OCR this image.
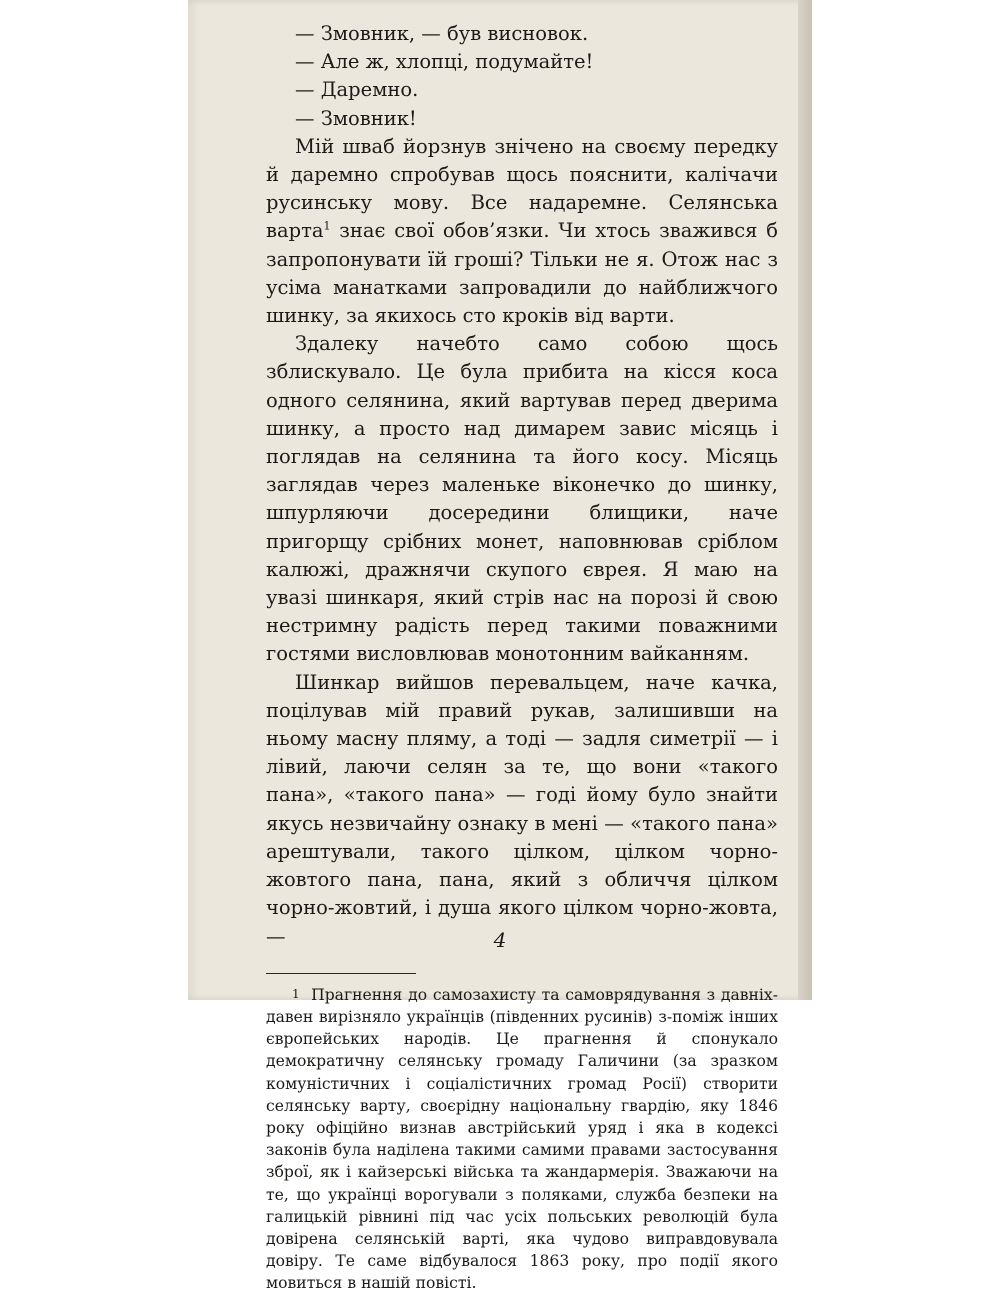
— Змовник, — був висновок.

— Але ж, хлопці, подумайте!

— Даремно.

— Змовник!

Мій шваб йорзнув знічено на своєму передку й даремно спробував щось пояснити, калічачи русинську мову. Все надаремне. Селянська варта$^1$ знає свої обов’язки. Чи хтось зважився б запропонувати їй гроші? Тільки не я. Отож нас з усіма манатками запровадили до найближчого шинку, за якихось сто кроків від варти.

Здалеку начебто само собою щось зблискувало. Це була прибита на кісся коса одного селянина, який вартував перед дверима шинку, а просто над димарем завис місяць і поглядав на селянина та його косу. Місяць заглядав через маленьке віконечко до шинку, шпурляючи досередини блищики, наче пригорщу срібних монет, наповнював сріблом калюжі, дражнячи скупого єврея. Я маю на увазі шинкаря, який стрів нас на порозі й свою нестримну радість перед такими поважними гостями висловлював монотонним вайканням.

Шинкар вийшов перевальцем, наче качка, поцілував мій правий рукав, залишивши на ньому масну пляму, а тоді — задля симетрії — і лівий, лаючи селян за те, що вони «такого пана», «такого пана» — годі йому було знайти якусь незвичайну ознаку в мені — «такого пана» арештували, такого цілком, цілком чорно-жовтого пана, пана, який з обличчя цілком чорно-жовтий, і душа якого цілком чорно-жовта, —

1 Прагнення до самозахисту та самоврядування з давніх-давен вирізняло українців (південних русинів) з-поміж інших європейських народів. Це прагнення й спонукало демократичну селянську громаду Галичини (за зразком комуністичних і соціалістичних громад Росії) створити селянську варту, своєрідну національну гвардію, яку 1846 року офіційно визнав австрійський уряд і яка в кодексі законів була наділена такими самими правами застосування зброї, як і кайзерські війська та жандармерія. Зважаючи на те, що українці ворогували з поляками, служба безпеки на галицькій рівнині під час усіх польських революцій була довірена селянській варті, яка чудово виправдовувала довіру. Те саме відбувалося 1863 року, про події якого мовиться в нашій повісті.

4
